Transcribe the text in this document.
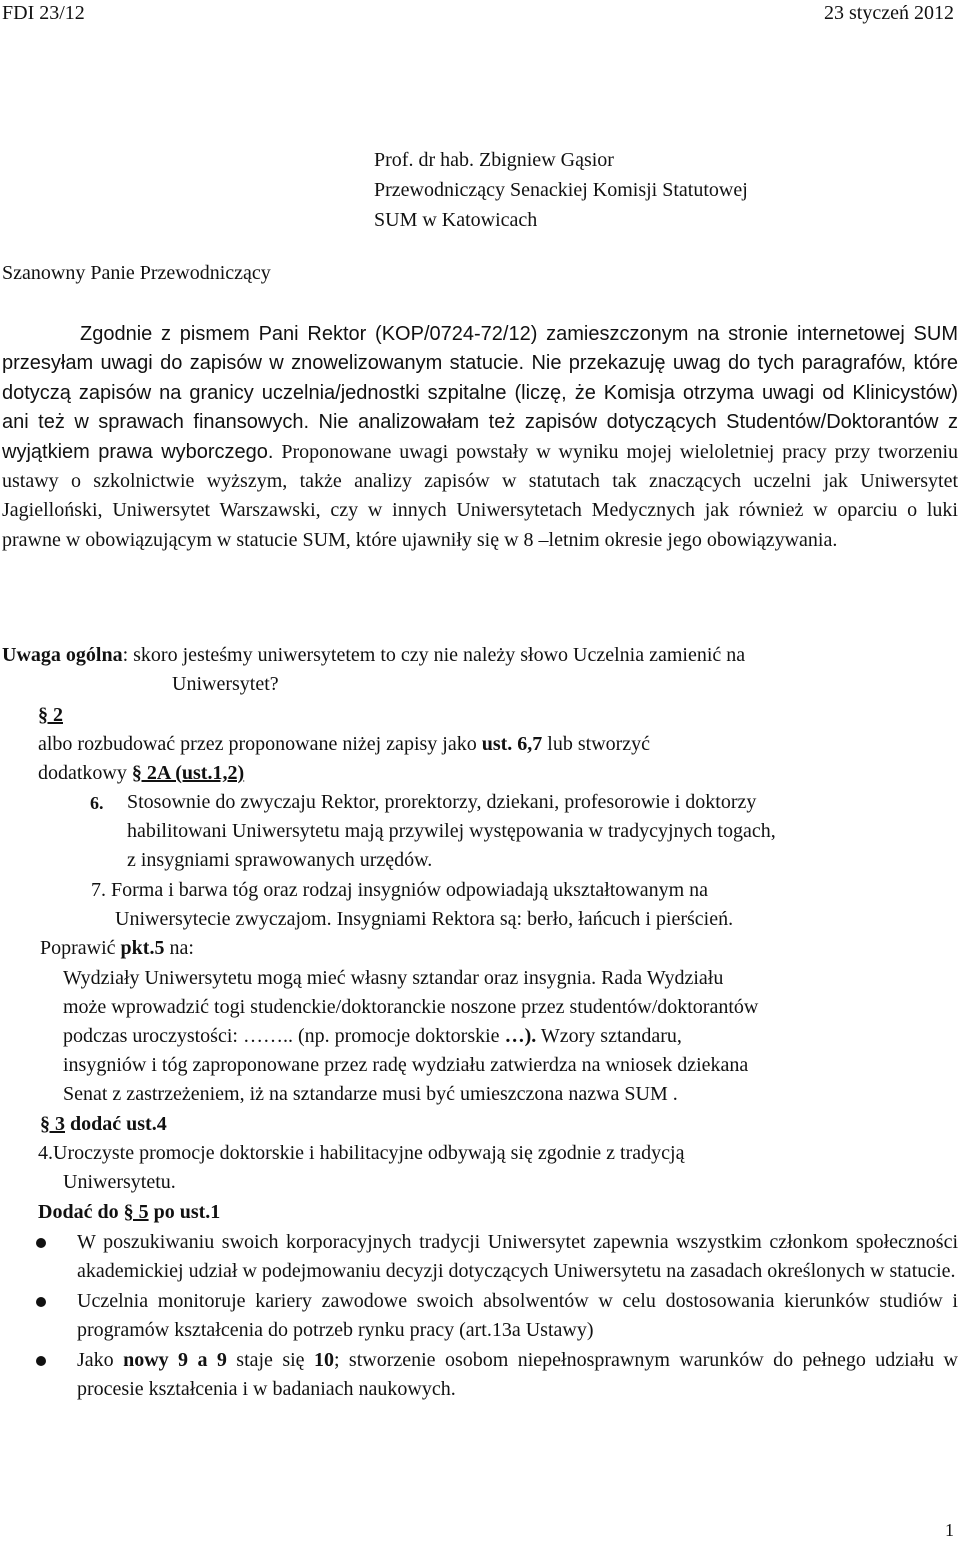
FDI 23/12	23 styczeń 2012
Prof. dr hab. Zbigniew Gąsior
Przewodniczący Senackiej Komisji Statutowej
SUM w Katowicach
Szanowny Panie Przewodniczący
Zgodnie z pismem Pani Rektor (KOP/0724-72/12) zamieszczonym na stronie internetowej SUM przesyłam uwagi do zapisów w znowelizowanym statucie. Nie przekazuję uwag do tych paragrafów, które dotyczą zapisów na granicy uczelnia/jednostki szpitalne (liczę, że Komisja otrzyma uwagi od Klinicystów) ani też w sprawach finansowych. Nie analizowałam też zapisów dotyczących Studentów/Doktorantów z wyjątkiem prawa wyborczego. Proponowane uwagi powstały w wyniku mojej wieloletniej pracy przy tworzeniu ustawy o szkolnictwie wyższym, także analizy zapisów w statutach tak znaczących uczelni jak Uniwersytet Jagielloński, Uniwersytet Warszawski, czy w innych Uniwersytetach Medycznych jak również w oparciu o luki prawne w obowiązującym w statucie SUM, które ujawniły się w 8 –letnim okresie jego obowiązywania.
Uwaga ogólna: skoro jesteśmy uniwersytetem to czy nie należy słowo Uczelnia zamienić na
Uniwersytet?
§ 2
albo rozbudować przez proponowane niżej zapisy jako ust. 6,7 lub stworzyć
dodatkowy § 2A (ust.1,2)
6. Stosownie do zwyczaju Rektor, prorektorzy, dziekani, profesorowie i doktorzy
habilitowani Uniwersytetu mają przywilej występowania w tradycyjnych togach,
z insygniami sprawowanych urzędów.
7. Forma i barwa tóg oraz rodzaj insygniów odpowiadają ukształtowanym na
Uniwersytecie zwyczajom. Insygniami Rektora są: berło, łańcuch i pierścień.
Poprawić pkt.5 na:
Wydziały Uniwersytetu mogą mieć własny sztandar oraz insygnia. Rada Wydziału
może wprowadzić togi studenckie/doktoranckie noszone przez studentów/doktorantów
podczas uroczystości: …….. (np. promocje doktorskie …). Wzory sztandaru,
insygniów i tóg zaproponowane przez radę wydziału zatwierdza na wniosek dziekana
Senat z zastrzeżeniem, iż na sztandarze musi być umieszczona nazwa SUM .
§ 3 dodać ust.4
4.Uroczyste promocje doktorskie i habilitacyjne odbywają się zgodnie z tradycją
Uniwersytetu.
Dodać do § 5 po ust.1
W poszukiwaniu swoich korporacyjnych tradycji Uniwersytet zapewnia wszystkim członkom społeczności akademickiej udział w podejmowaniu decyzji dotyczących Uniwersytetu na zasadach określonych w statucie.
Uczelnia monitoruje kariery zawodowe swoich absolwentów w celu dostosowania kierunków studiów i programów kształcenia do potrzeb rynku pracy (art.13a Ustawy)
Jako nowy 9 a 9 staje się 10; stworzenie osobom niepełnosprawnym warunków do pełnego udziału w procesie kształcenia i w badaniach naukowych.
1
